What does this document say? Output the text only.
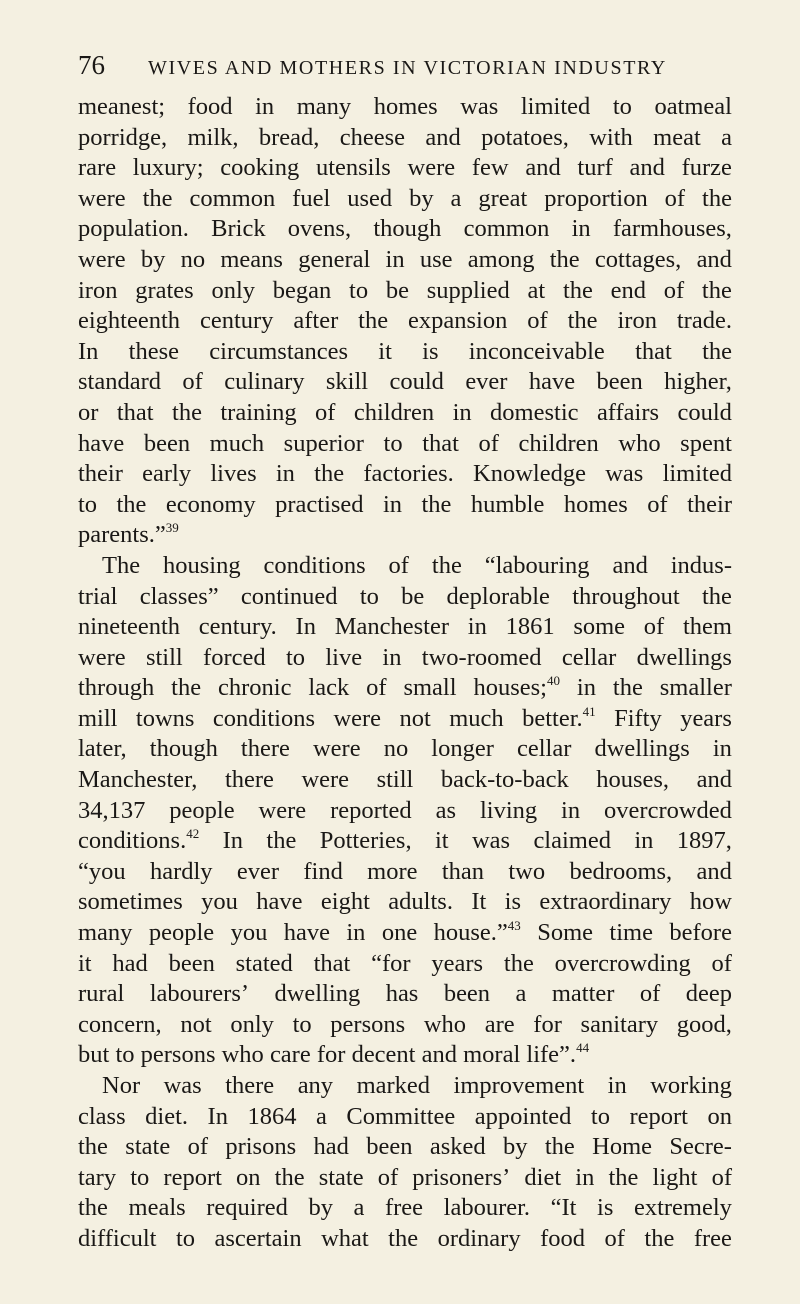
76	WIVES AND MOTHERS IN VICTORIAN INDUSTRY
meanest; food in many homes was limited to oatmeal
porridge, milk, bread, cheese and potatoes, with meat a
rare luxury; cooking utensils were few and turf and furze
were the common fuel used by a great proportion of the
population. Brick ovens, though common in farmhouses,
were by no means general in use among the cottages, and
iron grates only began to be supplied at the end of the
eighteenth century after the expansion of the iron trade.
In these circumstances it is inconceivable that the
standard of culinary skill could ever have been higher,
or that the training of children in domestic affairs could
have been much superior to that of children who spent
their early lives in the factories. Knowledge was limited
to the economy practised in the humble homes of their
parents.”$^{39}$
The housing conditions of the “labouring and indus-
trial classes” continued to be deplorable throughout the
nineteenth century. In Manchester in 1861 some of them
were still forced to live in two-roomed cellar dwellings
through the chronic lack of small houses;$^{40}$ in the smaller
mill towns conditions were not much better.$^{41}$ Fifty years
later, though there were no longer cellar dwellings in
Manchester, there were still back-to-back houses, and
34,137 people were reported as living in overcrowded
conditions.$^{42}$ In the Potteries, it was claimed in 1897,
“you hardly ever find more than two bedrooms, and
sometimes you have eight adults. It is extraordinary how
many people you have in one house.”$^{43}$ Some time before
it had been stated that “for years the overcrowding of
rural labourers’ dwelling has been a matter of deep
concern, not only to persons who are for sanitary good,
but to persons who care for decent and moral life”.$^{44}$
Nor was there any marked improvement in working
class diet. In 1864 a Committee appointed to report on
the state of prisons had been asked by the Home Secre-
tary to report on the state of prisoners’ diet in the light of
the meals required by a free labourer. “It is extremely
difficult to ascertain what the ordinary food of the free
